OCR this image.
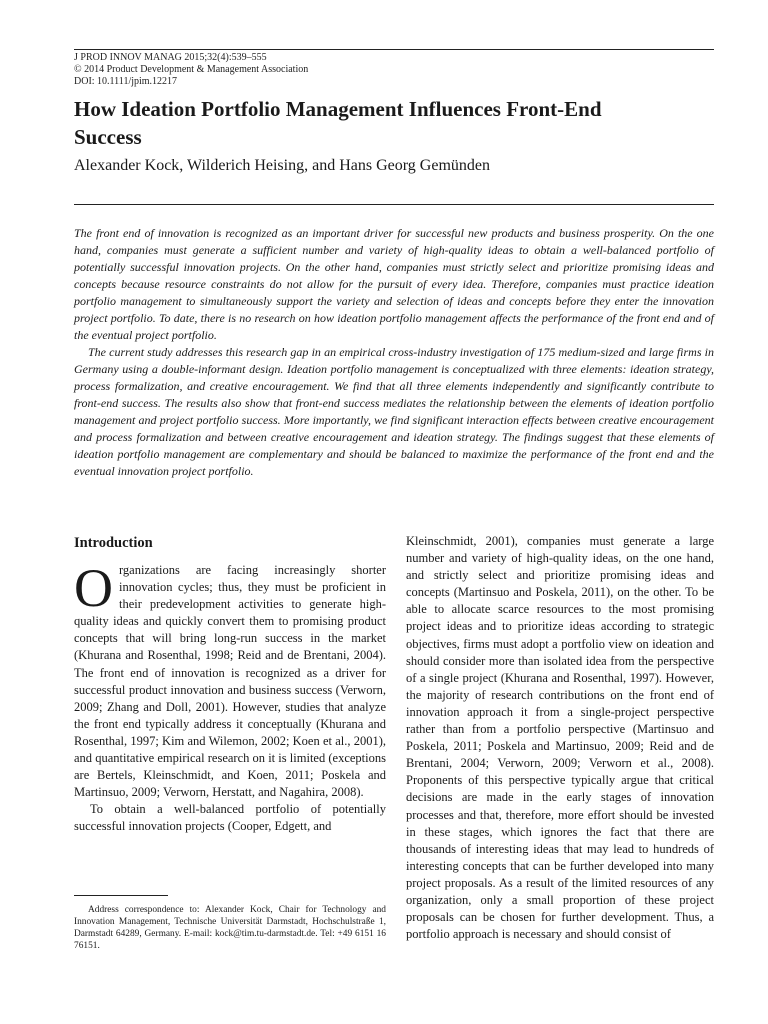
J PROD INNOV MANAG 2015;32(4):539–555
© 2014 Product Development & Management Association
DOI: 10.1111/jpim.12217
How Ideation Portfolio Management Influences Front-End Success
Alexander Kock, Wilderich Heising, and Hans Georg Gemünden

The front end of innovation is recognized as an important driver for successful new products and business prosperity. On the one hand, companies must generate a sufficient number and variety of high-quality ideas to obtain a well-balanced portfolio of potentially successful innovation projects. On the other hand, companies must strictly select and prioritize promising ideas and concepts because resource constraints do not allow for the pursuit of every idea. Therefore, companies must practice ideation portfolio management to simultaneously support the variety and selection of ideas and concepts before they enter the innovation project portfolio. To date, there is no research on how ideation portfolio management affects the performance of the front end and of the eventual project portfolio.

The current study addresses this research gap in an empirical cross-industry investigation of 175 medium-sized and large firms in Germany using a double-informant design. Ideation portfolio management is conceptualized with three elements: ideation strategy, process formalization, and creative encouragement. We find that all three elements independently and significantly contribute to front-end success. The results also show that front-end success mediates the relationship between the elements of ideation portfolio management and project portfolio success. More importantly, we find significant interaction effects between creative encouragement and process formalization and between creative encouragement and ideation strategy. The findings suggest that these elements of ideation portfolio management are complementary and should be balanced to maximize the performance of the front end and the eventual innovation project portfolio.

Introduction

Organizations are facing increasingly shorter innovation cycles; thus, they must be proficient in their predevelopment activities to generate high-quality ideas and quickly convert them to promising product concepts that will bring long-run success in the market (Khurana and Rosenthal, 1998; Reid and de Brentani, 2004). The front end of innovation is recognized as a driver for successful product innovation and business success (Verworn, 2009; Zhang and Doll, 2001). However, studies that analyze the front end typically address it conceptually (Khurana and Rosenthal, 1997; Kim and Wilemon, 2002; Koen et al., 2001), and quantitative empirical research on it is limited (exceptions are Bertels, Kleinschmidt, and Koen, 2011; Poskela and Martinsuo, 2009; Verworn, Herstatt, and Nagahira, 2008).

To obtain a well-balanced portfolio of potentially successful innovation projects (Cooper, Edgett, and

Address correspondence to: Alexander Kock, Chair for Technology and Innovation Management, Technische Universität Darmstadt, Hochschulstraße 1, Darmstadt 64289, Germany. E-mail: kock@tim.tu-darmstadt.de. Tel: +49 6151 16 76151.

Kleinschmidt, 2001), companies must generate a large number and variety of high-quality ideas, on the one hand, and strictly select and prioritize promising ideas and concepts (Martinsuo and Poskela, 2011), on the other. To be able to allocate scarce resources to the most promising project ideas and to prioritize ideas according to strategic objectives, firms must adopt a portfolio view on ideation and should consider more than isolated idea from the perspective of a single project (Khurana and Rosenthal, 1997). However, the majority of research contributions on the front end of innovation approach it from a single-project perspective rather than from a portfolio perspective (Martinsuo and Poskela, 2011; Poskela and Martinsuo, 2009; Reid and de Brentani, 2004; Verworn, 2009; Verworn et al., 2008). Proponents of this perspective typically argue that critical decisions are made in the early stages of innovation processes and that, therefore, more effort should be invested in these stages, which ignores the fact that there are thousands of interesting ideas that may lead to hundreds of interesting concepts that can be further developed into many project proposals. As a result of the limited resources of any organization, only a small proportion of these project proposals can be chosen for further development. Thus, a portfolio approach is necessary and should consist of
